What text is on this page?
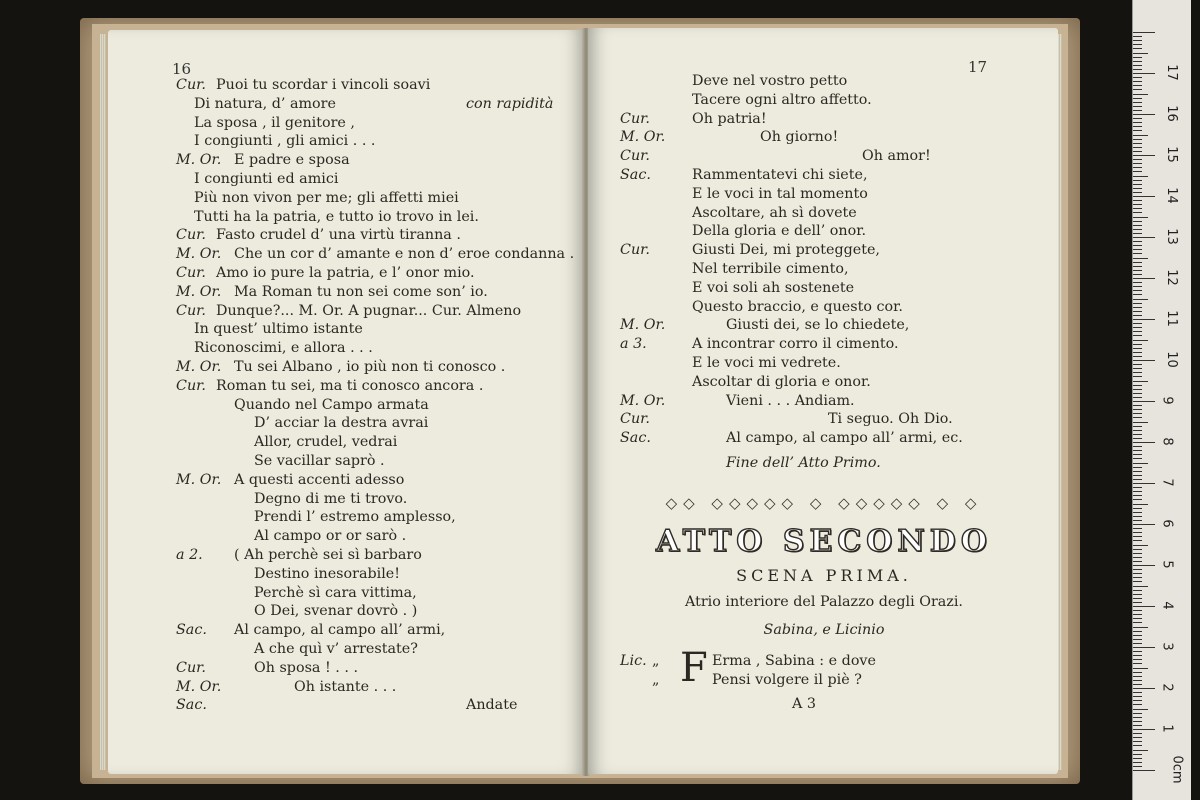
16
Cur. Puoi tu scordar i vincoli soavi
Di natura, d’ amore	con rapidità
La sposa , il genitore ,
I congiunti , gli amici . . .
M. Or. E padre e sposa
I congiunti ed amici
Più non vivon per me; gli affetti miei
Tutti ha la patria, e tutto io trovo in lei.
Cur. Fasto crudel d’ una virtù tiranna .
M. Or. Che un cor d’ amante e non d’ eroe condanna .
Cur. Amo io pure la patria, e l’ onor mio.
M. Or. Ma Roman tu non sei come son’ io.
Cur. Dunque?... M. Or. A pugnar... Cur. Almeno
In quest’ ultimo istante
Riconoscimi, e allora . . .
M. Or. Tu sei Albano , io più non ti conosco .
Cur. Roman tu sei, ma ti conosco ancora .
Quando nel Campo armata
D’ acciar la destra avrai
Allor, crudel, vedrai
Se vacillar saprò .
M. Or. A questi accenti adesso
Degno di me ti trovo.
Prendi l’ estremo amplesso,
Al campo or or sarò .
a 2. ( Ah perchè sei sì barbaro
Destino inesorabile!
Perchè sì cara vittima,
O Dei, svenar dovrò . )
Sac. Al campo, al campo all’ armi,
A che quì v’ arrestate?
Cur.	Oh sposa ! . . .
M. Or.	Oh istante . . .
Sac.	Andate
17
Deve nel vostro petto
Tacere ogni altro affetto.
Cur.	Oh patria!
M. Or.	Oh giorno!
Cur.	Oh amor!
Sac.	Rammentatevi chi siete,
E le voci in tal momento
Ascoltare, ah sì dovete
Della gloria e dell’ onor.
Cur.	Giusti Dei, mi proteggete,
Nel terribile cimento,
E voi soli ah sostenete
Questo braccio, e questo cor.
M. Or.	Giusti dei, se lo chiedete,
a 3.	A incontrar corro il cimento.
E le voci mi vedrete.
Ascoltar di gloria e onor.
M. Or.	Vieni . . . Andiam.
Cur.	Ti seguo. Oh Dio.
Sac.	Al campo, al campo all’ armi, ec.
Fine dell’ Atto Primo.
◇◇ ◇◇◇◇◇ ◇ ◇◇◇◇◇ ◇ ◇
ATTO SECONDO
SCENA PRIMA.
Atrio interiore del Palazzo degli Orazi.
Sabina, e Licinio
Lic. „
„ F Erma , Sabina : e dove
Pensi volgere il piè ?
A 3
17
16
15
14
13
12
11
10
9
8
7
6
5
4
3
2
1
0cm
